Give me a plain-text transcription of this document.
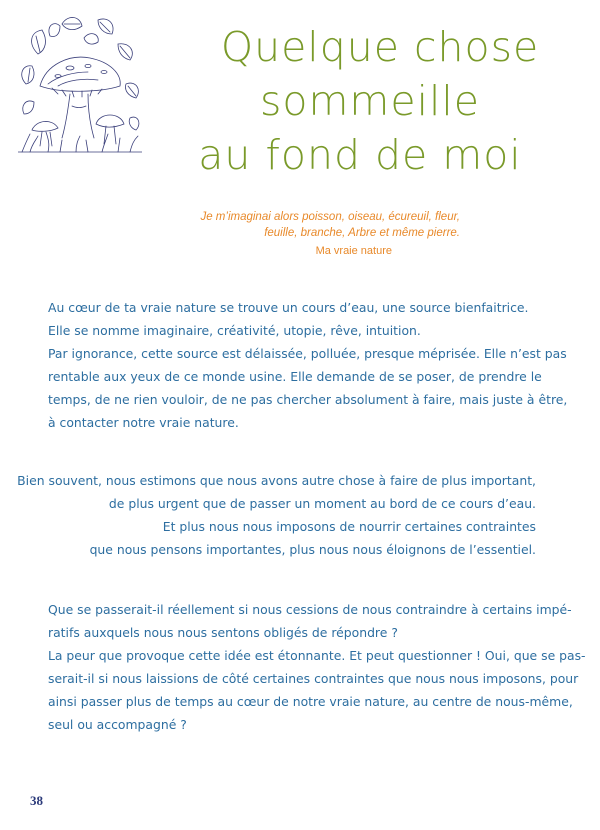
Quelque chose
sommeille
au fond de moi
Je m’imaginai alors poisson, oiseau, écureuil, fleur,
feuille, branche, Arbre et même pierre.
Ma vraie nature

Au cœur de ta vraie nature se trouve un cours d’eau, une source bienfaitrice.
Elle se nomme imaginaire, créativité, utopie, rêve, intuition.
Par ignorance, cette source est délaissée, polluée, presque méprisée. Elle n’est pas
rentable aux yeux de ce monde usine. Elle demande de se poser, de prendre le
temps, de ne rien vouloir, de ne pas chercher absolument à faire, mais juste à être,
à contacter notre vraie nature.

Bien souvent, nous estimons que nous avons autre chose à faire de plus important,
de plus urgent que de passer un moment au bord de ce cours d’eau.
Et plus nous nous imposons de nourrir certaines contraintes
que nous pensons importantes, plus nous nous éloignons de l’essentiel.

Que se passerait-il réellement si nous cessions de nous contraindre à certains impé-
ratifs auxquels nous nous sentons obligés de répondre ?
La peur que provoque cette idée est étonnante. Et peut questionner ! Oui, que se pas-
serait-il si nous laissions de côté certaines contraintes que nous nous imposons, pour
ainsi passer plus de temps au cœur de notre vraie nature, au centre de nous-même,
seul ou accompagné ?

38
